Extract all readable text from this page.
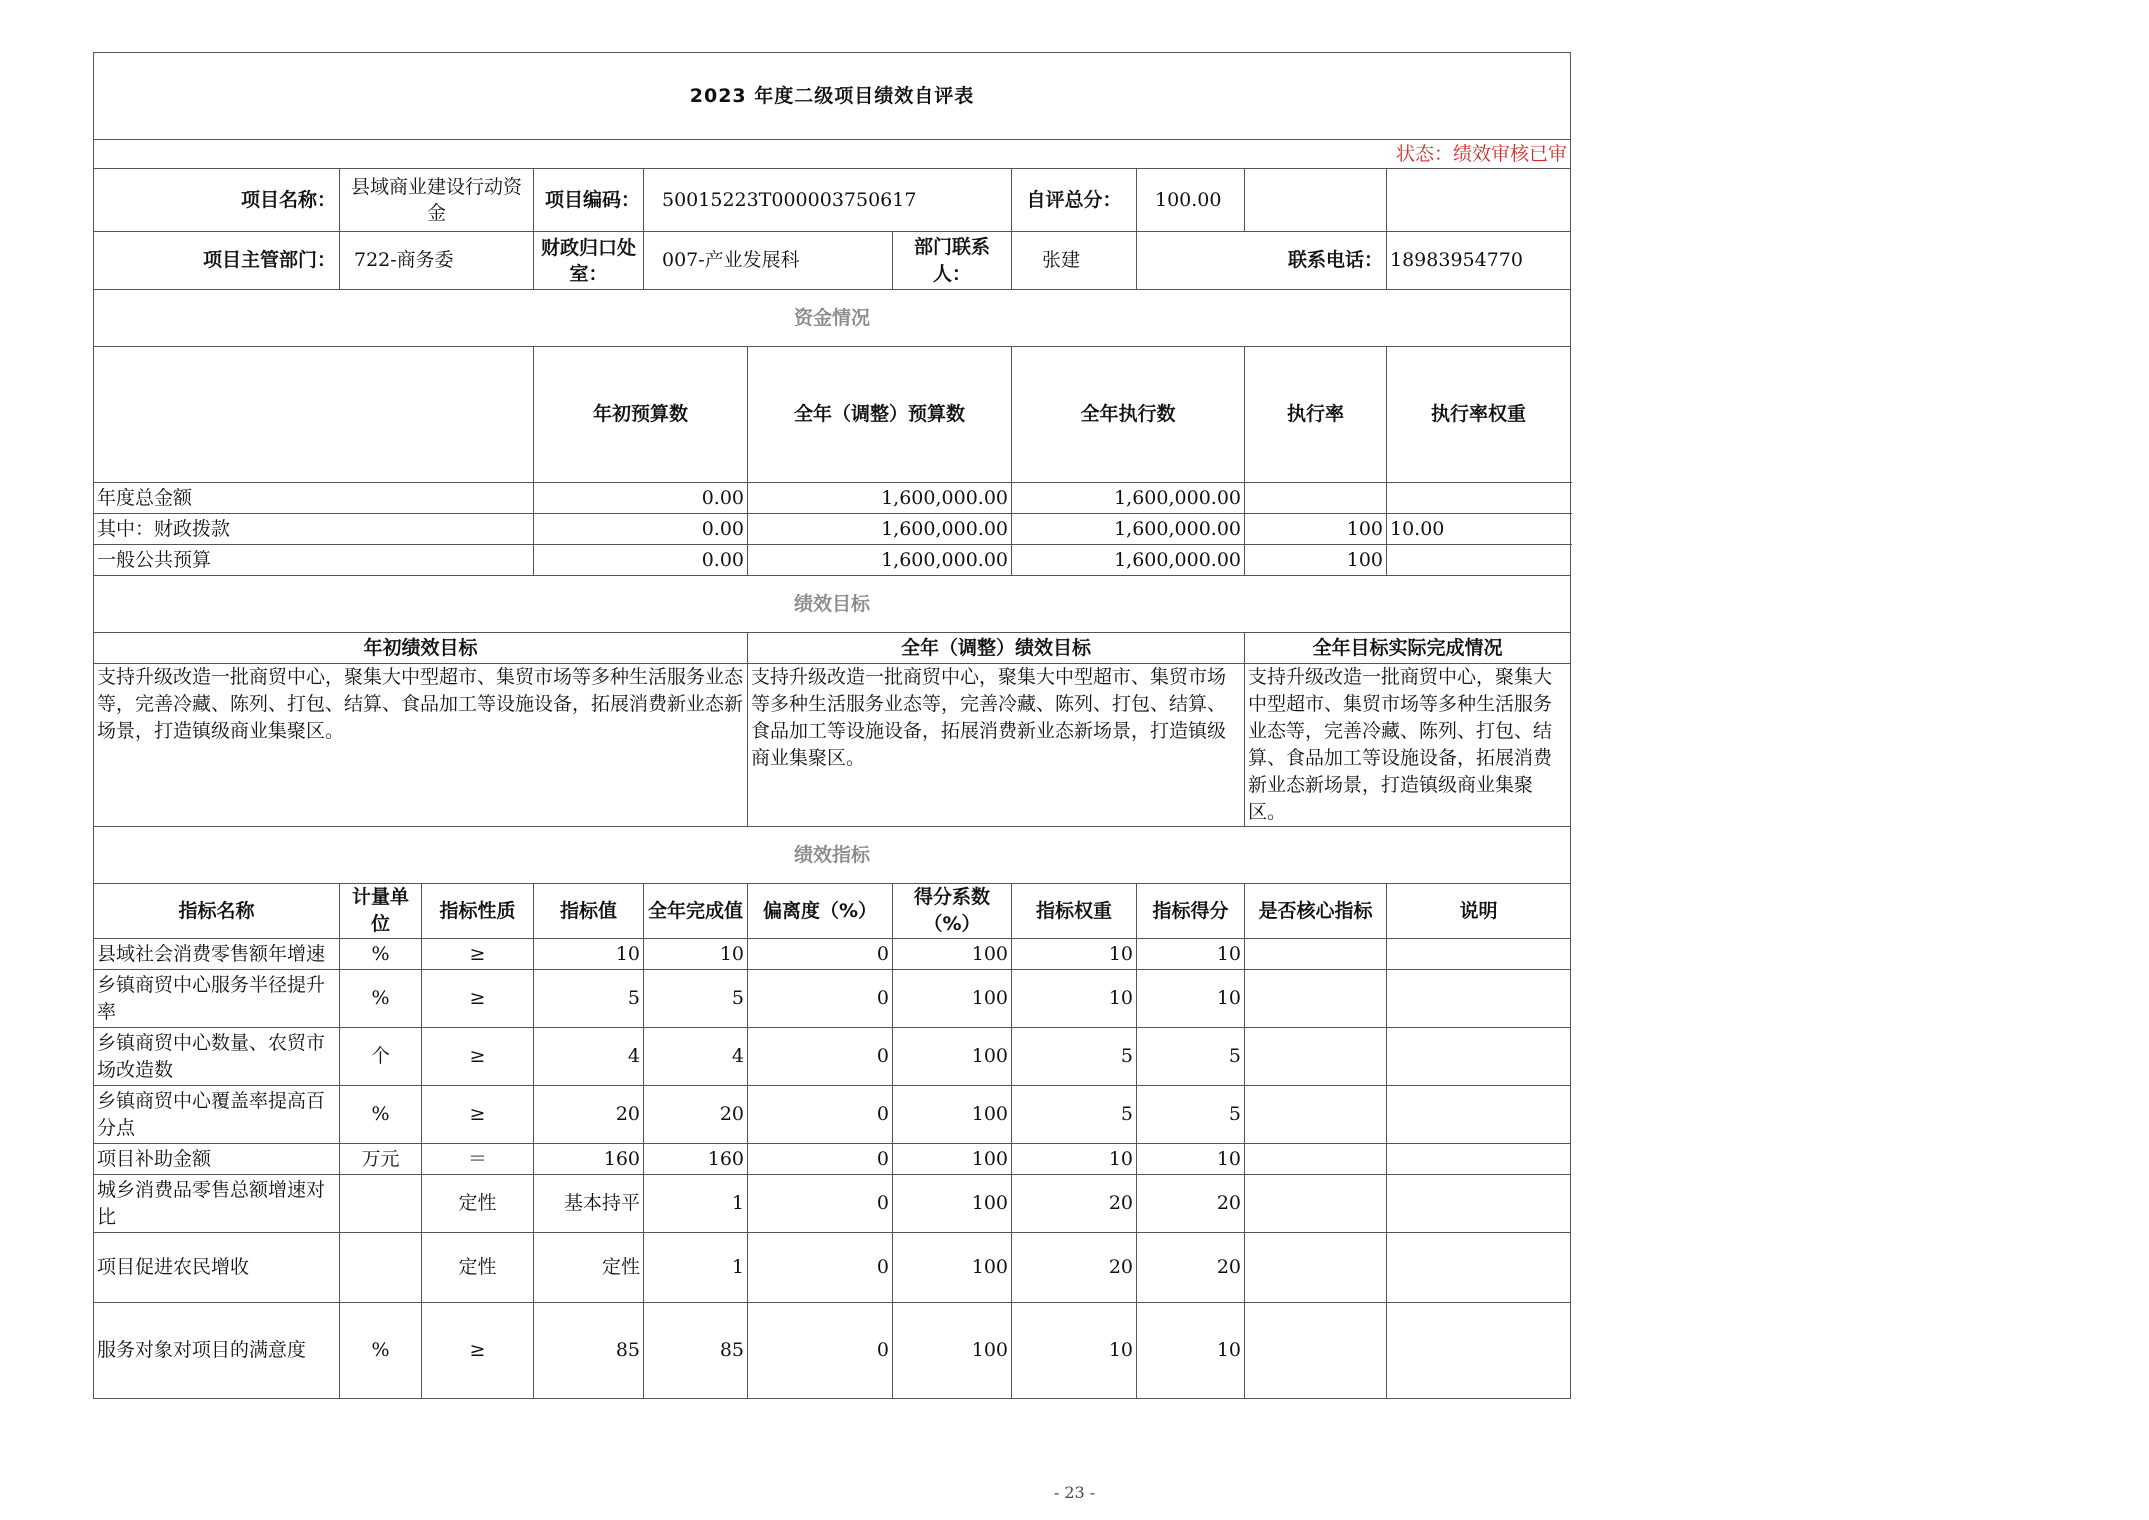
2023 年度二级项目绩效自评表											
状态：绩效审核已审											
项目名称：	县域商业建设行动资金		项目编码：	50015223T000003750617			自评总分：	100.00			
项目主管部门：	722-商务委		财政归口处室：	007-产业发展科		部门联系人：	张建	联系电话：		18983954770	
资金情况											
			年初预算数		全年（调整）预算数		全年执行数		执行率	执行率权重	
年度总金额			0.00		1,600,000.00		1,600,000.00				
其中：财政拨款			0.00		1,600,000.00		1,600,000.00		100	10.00	
一般公共预算			0.00		1,600,000.00		1,600,000.00		100		
绩效目标											
年初绩效目标					全年（调整）绩效目标				全年目标实际完成情况		
支持升级改造一批商贸中心，聚集大中型超市、集贸市场等多种生活服务业态等，完善冷藏、陈列、打包、结算、食品加工等设施设备，拓展消费新业态新场景，打造镇级商业集聚区。					支持升级改造一批商贸中心，聚集大中型超市、集贸市场等多种生活服务业态等，完善冷藏、陈列、打包、结算、食品加工等设施设备，拓展消费新业态新场景，打造镇级商业集聚区。				支持升级改造一批商贸中心，聚集大中型超市、集贸市场等多种生活服务业态等，完善冷藏、陈列、打包、结算、食品加工等设施设备，拓展消费新业态新场景，打造镇级商业集聚区。		
绩效指标											
指标名称	计量单位	指标性质	指标值	全年完成值	偏离度（%）	得分系数（%）	指标权重	指标得分	是否核心指标	说明	
县域社会消费零售额年增速	%	≥	10	10	0	100	10	10			
乡镇商贸中心服务半径提升率	%	≥	5	5	0	100	10	10			
乡镇商贸中心数量、农贸市场改造数	个	≥	4	4	0	100	5	5			
乡镇商贸中心覆盖率提高百分点	%	≥	20	20	0	100	5	5			
项目补助金额	万元	＝	160	160	0	100	10	10			
城乡消费品零售总额增速对比		定性	基本持平	1	0	100	20	20			
项目促进农民增收		定性	定性	1	0	100	20	20			
服务对象对项目的满意度	%	≥	85	85	0	100	10	10			
- 23 -
